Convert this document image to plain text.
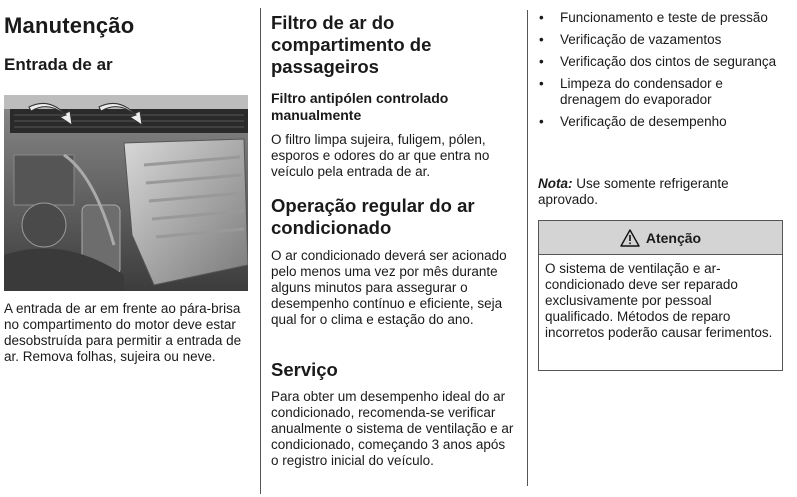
Manutenção
Entrada de ar

A entrada de ar em frente ao pára-brisa no compartimento do motor deve estar desobstruída para permitir a entrada de ar. Remova folhas, sujeira ou neve.

Filtro de ar do compartimento de passageiros
Filtro antipólen controlado manualmente

O filtro limpa sujeira, fuligem, pólen, esporos e odores do ar que entra no veículo pela entrada de ar.

Operação regular do ar condicionado

O ar condicionado deverá ser acionado pelo menos uma vez por mês durante alguns minutos para assegurar o desempenho contínuo e eficiente, seja qual for o clima e estação do ano.

Serviço

Para obter um desempenho ideal do ar condicionado, recomenda-se verificar anualmente o sistema de ventilação e ar condicionado, começando 3 anos após o registro inicial do veículo.

• Funcionamento e teste de pressão
• Verificação de vazamentos
• Verificação dos cintos de segurança
• Limpeza do condensador e drenagem do evaporador
• Verificação de desempenho
Nota: Use somente refrigerante aprovado.
Atenção
O sistema de ventilação e ar-condicionado deve ser reparado exclusivamente por pessoal qualificado. Métodos de reparo incorretos poderão causar ferimentos.
